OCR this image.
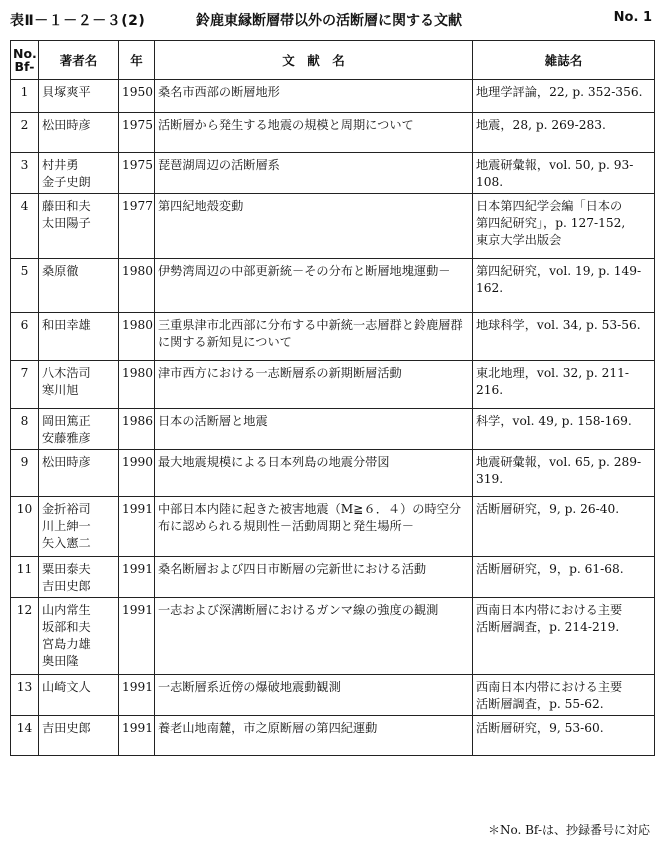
表Ⅱ－１－２－３(2)	鈴鹿東縁断層帯以外の活断層に関する文献	No. 1
No.
Bf-	著者名	年	文　献　名	雑誌名
1	貝塚爽平	1950	桑名市西部の断層地形	地理学評論，22, p. 352-356.

2	松田時彦	1975	活断層から発生する地震の規模と周期について	地震，28, p. 269-283.

3	村井勇
金子史朗	1975	琵琶湖周辺の活断層系	地震研彙報，vol. 50, p. 93-
108.

4	藤田和夫
太田陽子	1977	第四紀地殻変動	日本第四紀学会編「日本の
第四紀研究」，p. 127-152,
東京大学出版会

5	桑原徹	1980	伊勢湾周辺の中部更新統－その分布と断層地塊運動－	第四紀研究，vol. 19, p. 149-
162.

6	和田幸雄	1980	三重県津市北西部に分布する中新統一志層群と鈴鹿層群に関する新知見について	地球科学，vol. 34, p. 53-56.

7	八木浩司
寒川旭	1980	津市西方における一志断層系の新期断層活動	東北地理，vol. 32, p. 211-
216.

8	岡田篤正
安藤雅彦	1986	日本の活断層と地震	科学，vol. 49, p. 158-169.

9	松田時彦	1990	最大地震規模による日本列島の地震分帯図	地震研彙報，vol. 65, p. 289-
319.

10	金折裕司
川上紳一
矢入憲二	1991	中部日本内陸に起きた被害地震（M≧６．４）の時空分布に認められる規則性－活動周期と発生場所－	活断層研究，9, p. 26-40.

11	粟田泰夫
吉田史郎	1991	桑名断層および四日市断層の完新世における活動	活断層研究，9，p. 61-68.

12	山内常生
坂部和夫
宮島力雄
奥田隆	1991	一志および深溝断層におけるガンマ線の強度の観測	西南日本内帯における主要
活断層調査，p. 214-219.

13	山崎文人	1991	一志断層系近傍の爆破地震動観測	西南日本内帯における主要
活断層調査，p. 55-62.

14	吉田史郎	1991	養老山地南麓，市之原断層の第四紀運動	活断層研究，9, 53-60.
＊No. Bf-は、抄録番号に対応
